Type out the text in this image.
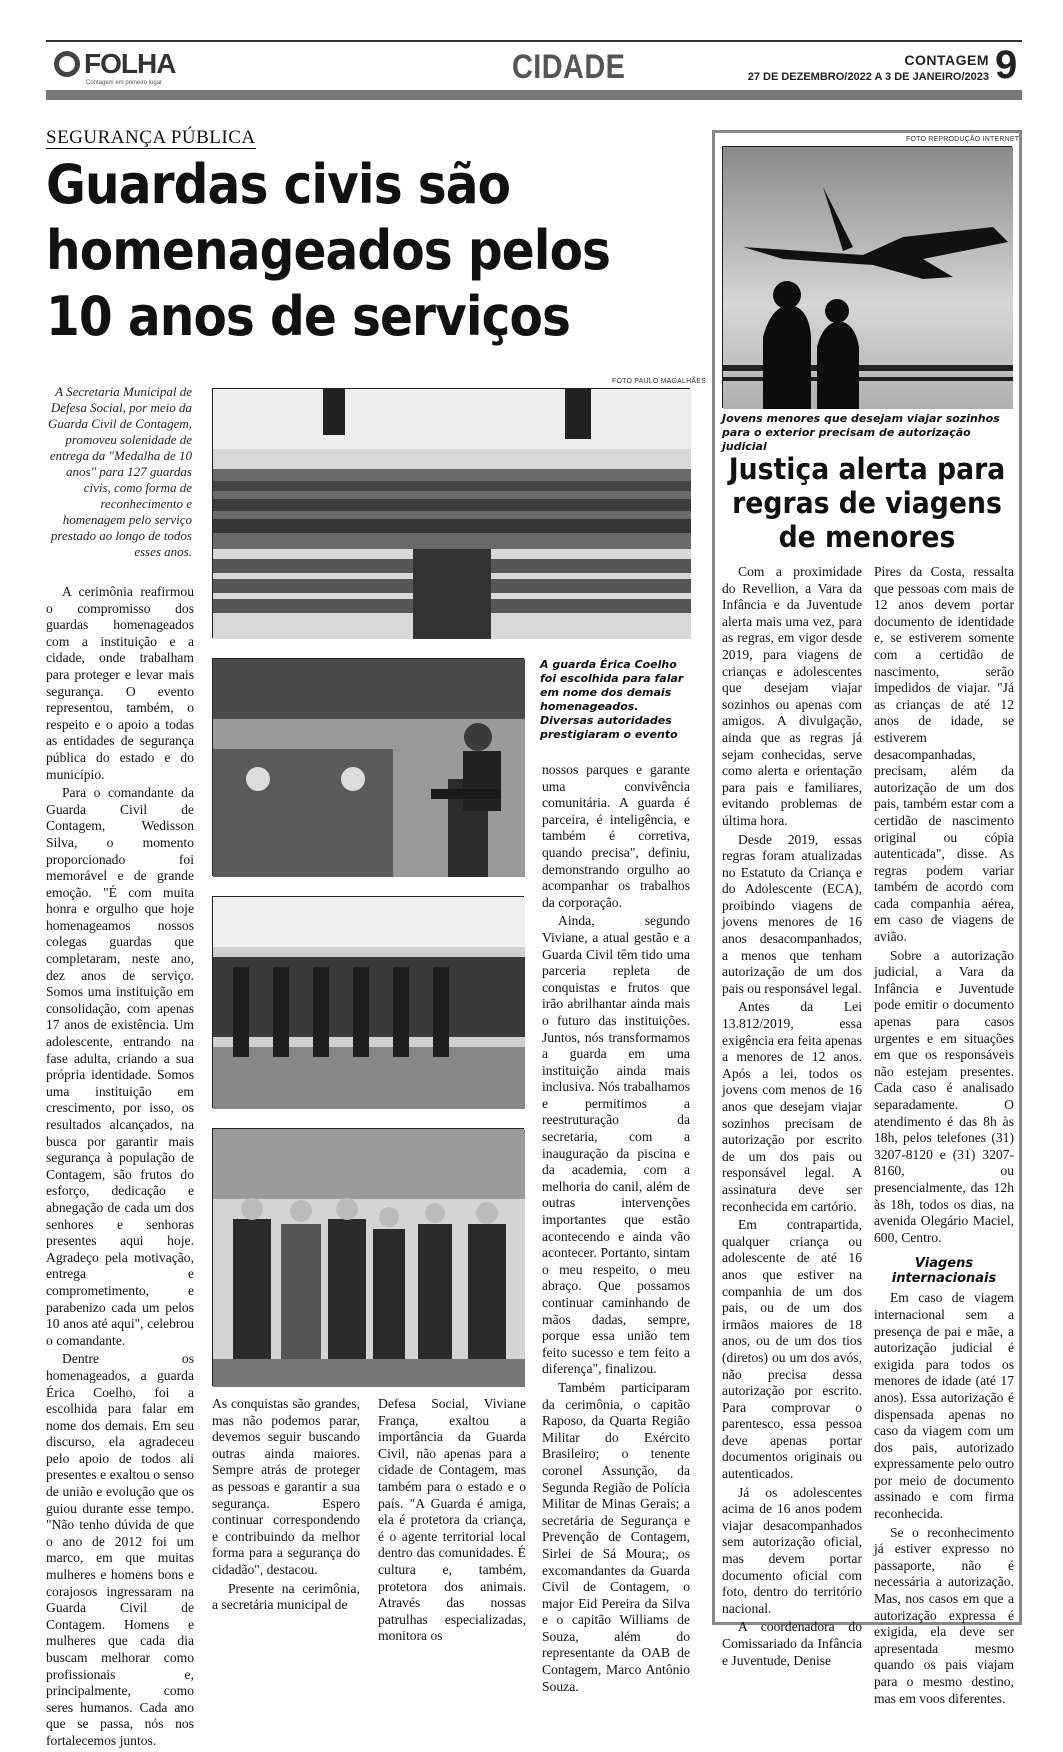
FOLHA
Contagem em primeiro lugar	CIDADE	CONTAGEM
27 DE DEZEMBRO/2022 A 3 DE JANEIRO/2023 9
SEGURANÇA PÚBLICA
Guardas civis são homenageados pelos 10 anos de serviços
A Secretaria Municipal de Defesa Social, por meio da Guarda Civil de Contagem, promoveu solenidade de entrega da "Medalha de 10 anos" para 127 guardas civis, como forma de reconhecimento e homenagem pelo serviço prestado ao longo de todos esses anos.
FOTO PAULO MAGALHÃES
A guarda Érica Coelho foi escolhida para falar em nome dos demais homenageados. Diversas autoridades prestigiaram o evento

A cerimônia reafirmou o compromisso dos guardas homenageados com a instituição e a cidade, onde trabalham para proteger e levar mais segurança. O evento representou, também, o respeito e o apoio a todas as entidades de segurança pública do estado e do município.

Para o comandante da Guarda Civil de Contagem, Wedisson Silva, o momento proporcionado foi memorável e de grande emoção. "É com muita honra e orgulho que hoje homenageamos nossos colegas guardas que completaram, neste ano, dez anos de serviço. Somos uma instituição em consolidação, com apenas 17 anos de existência. Um adolescente, entrando na fase adulta, criando a sua própria identidade. Somos uma instituição em crescimento, por isso, os resultados alcançados, na busca por garantir mais segurança à população de Contagem, são frutos do esforço, dedicação e abnegação de cada um dos senhores e senhoras presentes aqui hoje. Agradeço pela motivação, entrega e comprometimento, e parabenizo cada um pelos 10 anos até aqui", celebrou o comandante.

Dentre os homenageados, a guarda Érica Coelho, foi a escolhida para falar em nome dos demais. Em seu discurso, ela agradeceu pelo apoio de todos ali presentes e exaltou o senso de união e evolução que os guiou durante esse tempo. "Não tenho dúvida de que o ano de 2012 foi um marco, em que muitas mulheres e homens bons e corajosos ingressaram na Guarda Civil de Contagem. Homens e mulheres que cada dia buscam melhorar como profissionais e, principalmente, como seres humanos. Cada ano que se passa, nós nos fortalecemos juntos.

As conquistas são grandes, mas não podemos parar, devemos seguir buscando outras ainda maiores. Sempre atrás de proteger as pessoas e garantir a sua segurança. Espero continuar correspondendo e contribuindo da melhor forma para a segurança do cidadão", destacou.

Presente na cerimônia, a secretária municipal de

Defesa Social, Viviane França, exaltou a importância da Guarda Civil, não apenas para a cidade de Contagem, mas também para o estado e o país. "A Guarda é amiga, ela é protetora da criança, é o agente territorial local dentro das comunidades. É cultura e, também, protetora dos animais. Através das nossas patrulhas especializadas, monitora os

nossos parques e garante uma convivência comunitária. A guarda é parceira, é inteligência, e também é corretiva, quando precisa", definiu, demonstrando orgulho ao acompanhar os trabalhos da corporação.

Ainda, segundo Viviane, a atual gestão e a Guarda Civil têm tido uma parceria repleta de conquistas e frutos que irão abrilhantar ainda mais o futuro das instituições. Juntos, nós transformamos a guarda em uma instituição ainda mais inclusiva. Nós trabalhamos e permitimos a reestruturação da secretaria, com a inauguração da piscina e da academia, com a melhoria do canil, além de outras intervenções importantes que estão acontecendo e ainda vão acontecer. Portanto, sintam o meu respeito, o meu abraço. Que possamos continuar caminhando de mãos dadas, sempre, porque essa união tem feito sucesso e tem feito a diferença", finalizou.

Também participaram da cerimônia, o capitão Raposo, da Quarta Região Militar do Exército Brasileiro; o tenente coronel Assunção, da Segunda Região de Polícia Militar de Minas Gerais; a secretária de Segurança e Prevenção de Contagem, Sirlei de Sá Moura;, os excomandantes da Guarda Civil de Contagem, o major Eid Pereira da Silva e o capitão Williams de Souza, além do representante da OAB de Contagem, Marco Antônio Souza.

FOTO REPRODUÇÃO INTERNET
Jovens menores que desejam viajar sozinhos para o exterior precisam de autorização judicial
Justiça alerta para regras de viagens de menores

Com a proximidade do Revellion, a Vara da Infância e da Juventude alerta mais uma vez, para as regras, em vigor desde 2019, para viagens de crianças e adolescentes que desejam viajar sozinhos ou apenas com amigos. A divulgação, ainda que as regras já sejam conhecidas, serve como alerta e orientação para pais e familiares, evitando problemas de última hora.

Desde 2019, essas regras foram atualizadas no Estatuto da Criança e do Adolescente (ECA), proibindo viagens de jovens menores de 16 anos desacompanhados, a menos que tenham autorização de um dos pais ou responsável legal.

Antes da Lei 13.812/2019, essa exigência era feita apenas a menores de 12 anos. Após a lei, todos os jovens com menos de 16 anos que desejam viajar sozinhos precisam de autorização por escrito de um dos pais ou responsável legal. A assinatura deve ser reconhecida em cartório.

Em contrapartida, qualquer criança ou adolescente de até 16 anos que estiver na companhia de um dos pais, ou de um dos irmãos maiores de 18 anos, ou de um dos tios (diretos) ou um dos avós, não precisa dessa autorização por escrito. Para comprovar o parentesco, essa pessoa deve apenas portar documentos originais ou autenticados.

Já os adolescentes acima de 16 anos podem viajar desacompanhados sem autorização oficial, mas devem portar documento oficial com foto, dentro do território nacional.

A coordenadora do Comissariado da Infância e Juventude, Denise

Pires da Costa, ressalta que pessoas com mais de 12 anos devem portar documento de identidade e, se estiverem somente com a certidão de nascimento, serão impedidos de viajar. "Já as crianças de até 12 anos de idade, se estiverem desacompanhadas, precisam, além da autorização de um dos pais, também estar com a certidão de nascimento original ou cópia autenticada", disse. As regras podem variar também de acordo com cada companhia aérea, em caso de viagens de avião.

Sobre a autorização judicial, a Vara da Infância e Juventude pode emitir o documento apenas para casos urgentes e em situações em que os responsáveis não estejam presentes. Cada caso é analisado separadamente. O atendimento é das 8h às 18h, pelos telefones (31) 3207-8120 e (31) 3207-8160, ou presencialmente, das 12h às 18h, todos os dias, na avenida Olegário Maciel, 600, Centro.

Viagens internacionais

Em caso de viagem internacional sem a presença de pai e mãe, a autorização judicial é exigida para todos os menores de idade (até 17 anos). Essa autorização é dispensada apenas no caso da viagem com um dos pais, autorizado expressamente pelo outro por meio de documento assinado e com firma reconhecida.

Se o reconhecimento já estiver expresso no passaporte, não é necessária a autorização. Mas, nos casos em que a autorização expressa é exigida, ela deve ser apresentada mesmo quando os pais viajam para o mesmo destino, mas em voos diferentes.
